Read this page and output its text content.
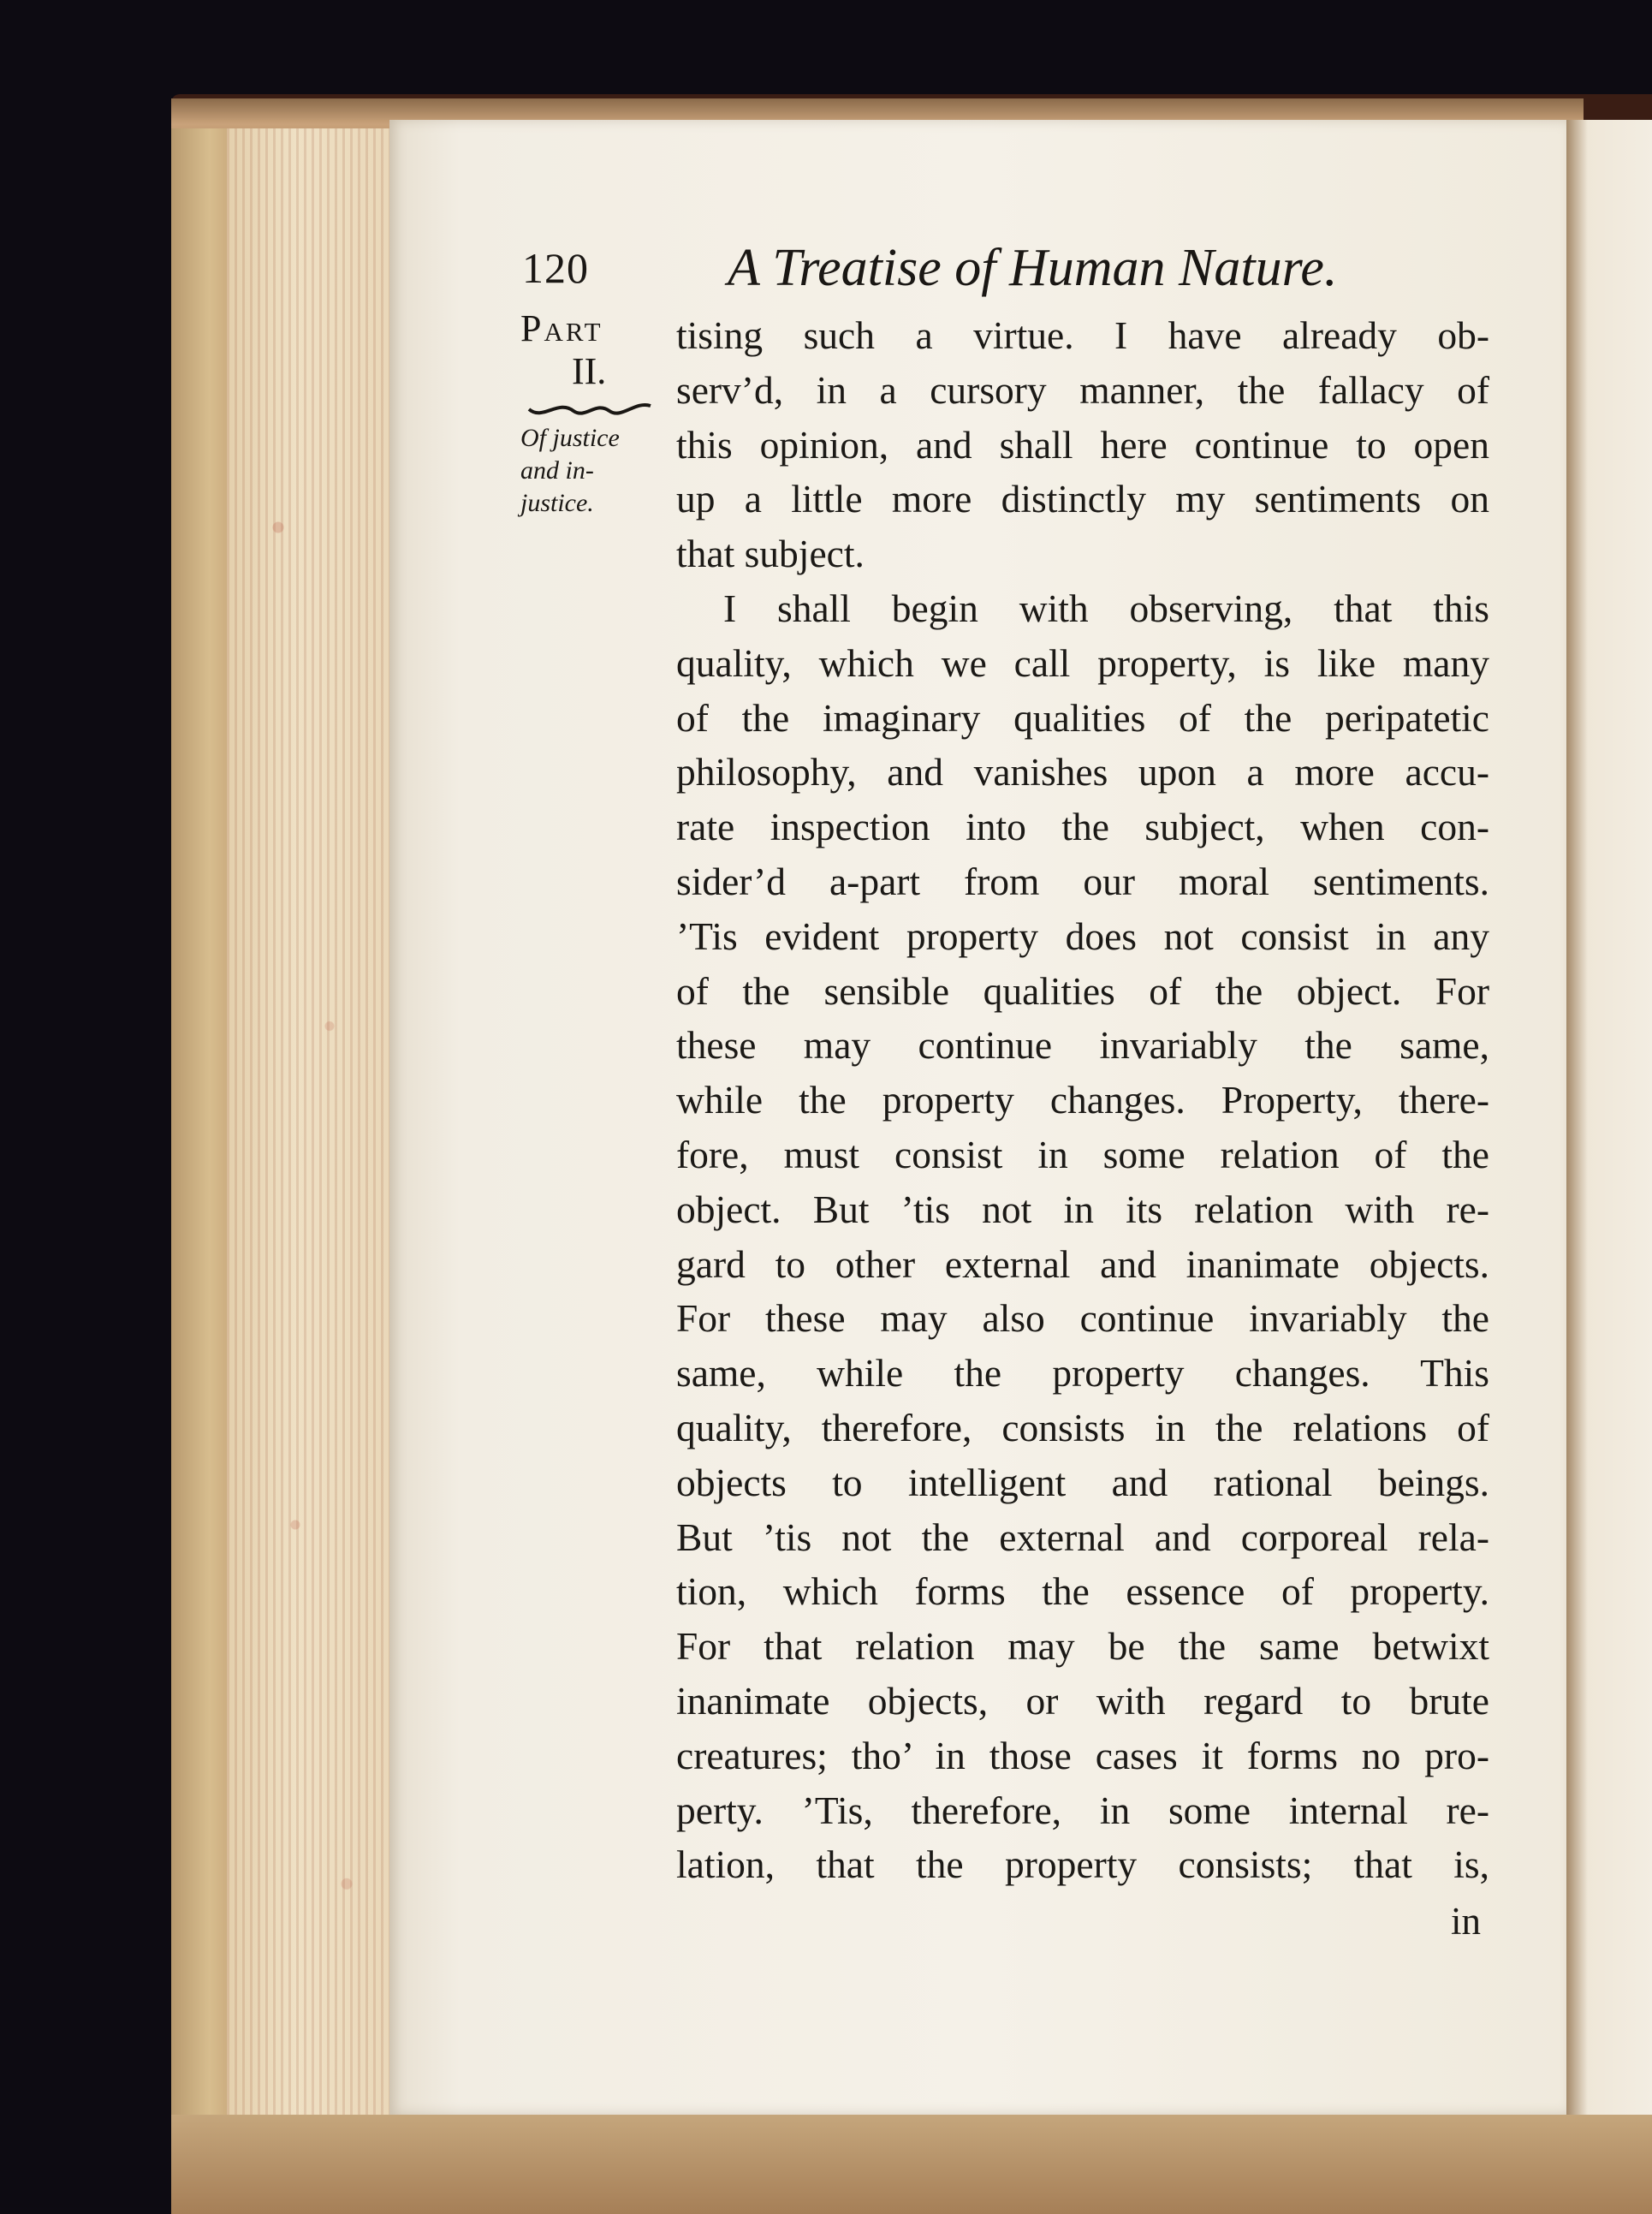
120	A Treatise of Human Nature.
Part
II.
Of justice
and in-
justice.
tising such a virtue. I have already ob-
serv’d, in a cursory manner, the fallacy of
this opinion, and shall here continue to open
up a little more distinctly my sentiments on
that subject.
I shall begin with observing, that this
quality, which we call property, is like many
of the imaginary qualities of the peripatetic
philosophy, and vanishes upon a more accu-
rate inspection into the subject, when con-
sider’d a-part from our moral sentiments.
’Tis evident property does not consist in any
of the sensible qualities of the object. For
these may continue invariably the same,
while the property changes. Property, there-
fore, must consist in some relation of the
object. But ’tis not in its relation with re-
gard to other external and inanimate objects.
For these may also continue invariably the
same, while the property changes. This
quality, therefore, consists in the relations of
objects to intelligent and rational beings.
But ’tis not the external and corporeal rela-
tion, which forms the essence of property.
For that relation may be the same betwixt
inanimate objects, or with regard to brute
creatures; tho’ in those cases it forms no pro-
perty. ’Tis, therefore, in some internal re-
lation, that the property consists; that is,
in
